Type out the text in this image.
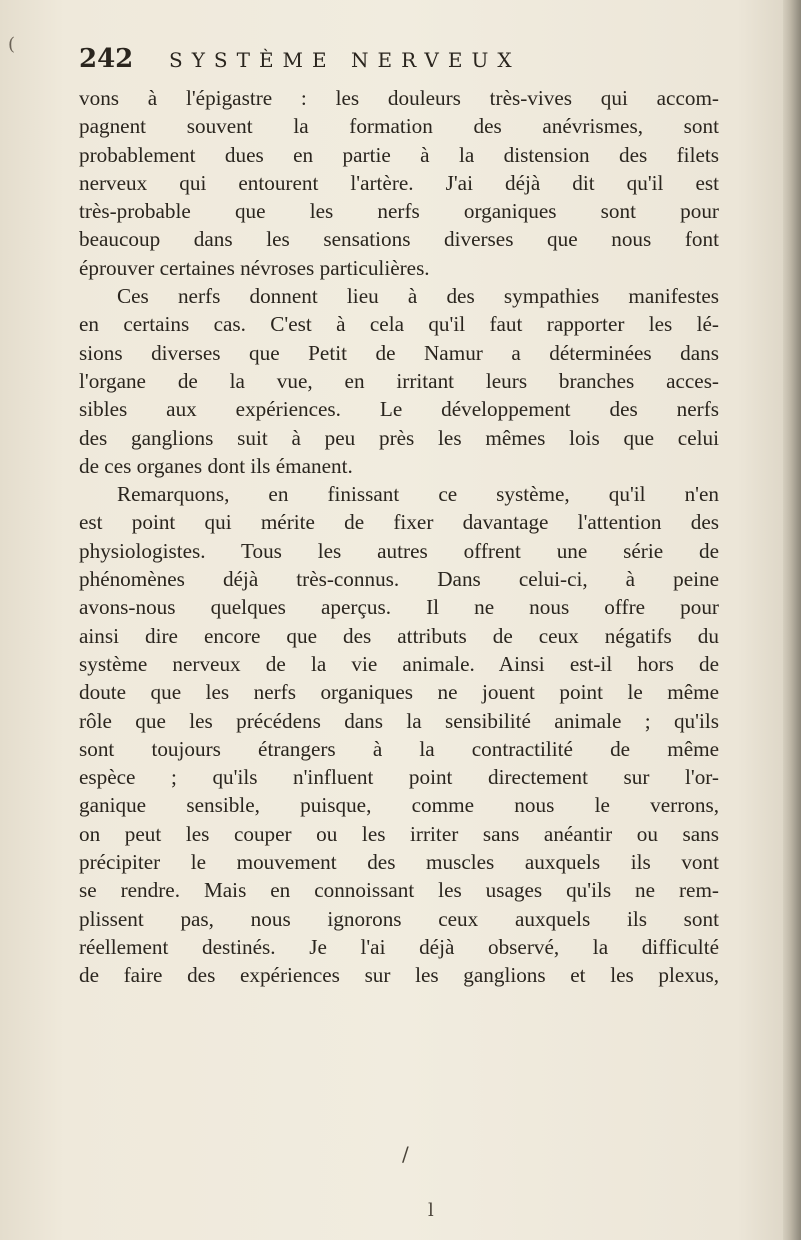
( 242 SYSTÈME NERVEUX
vons à l'épigastre : les douleurs très-vives qui accom-
pagnent souvent la formation des anévrismes, sont
probablement dues en partie à la distension des filets
nerveux qui entourent l'artère. J'ai déjà dit qu'il est
très-probable que les nerfs organiques sont pour
beaucoup dans les sensations diverses que nous font
éprouver certaines névroses particulières.
Ces nerfs donnent lieu à des sympathies manifestes
en certains cas. C'est à cela qu'il faut rapporter les lé-
sions diverses que Petit de Namur a déterminées dans
l'organe de la vue, en irritant leurs branches acces-
sibles aux expériences. Le développement des nerfs
des ganglions suit à peu près les mêmes lois que celui
de ces organes dont ils émanent.
Remarquons, en finissant ce système, qu'il n'en
est point qui mérite de fixer davantage l'attention des
physiologistes. Tous les autres offrent une série de
phénomènes déjà très-connus. Dans celui-ci, à peine
avons-nous quelques aperçus. Il ne nous offre pour
ainsi dire encore que des attributs de ceux négatifs du
système nerveux de la vie animale. Ainsi est-il hors de
doute que les nerfs organiques ne jouent point le même
rôle que les précédens dans la sensibilité animale ; qu'ils
sont toujours étrangers à la contractilité de même
espèce ; qu'ils n'influent point directement sur l'or-
ganique sensible, puisque, comme nous le verrons,
on peut les couper ou les irriter sans anéantir ou sans
précipiter le mouvement des muscles auxquels ils vont
se rendre. Mais en connoissant les usages qu'ils ne rem-
plissent pas, nous ignorons ceux auxquels ils sont
réellement destinés. Je l'ai déjà observé, la difficulté
de faire des expériences sur les ganglions et les plexus,
/
l
